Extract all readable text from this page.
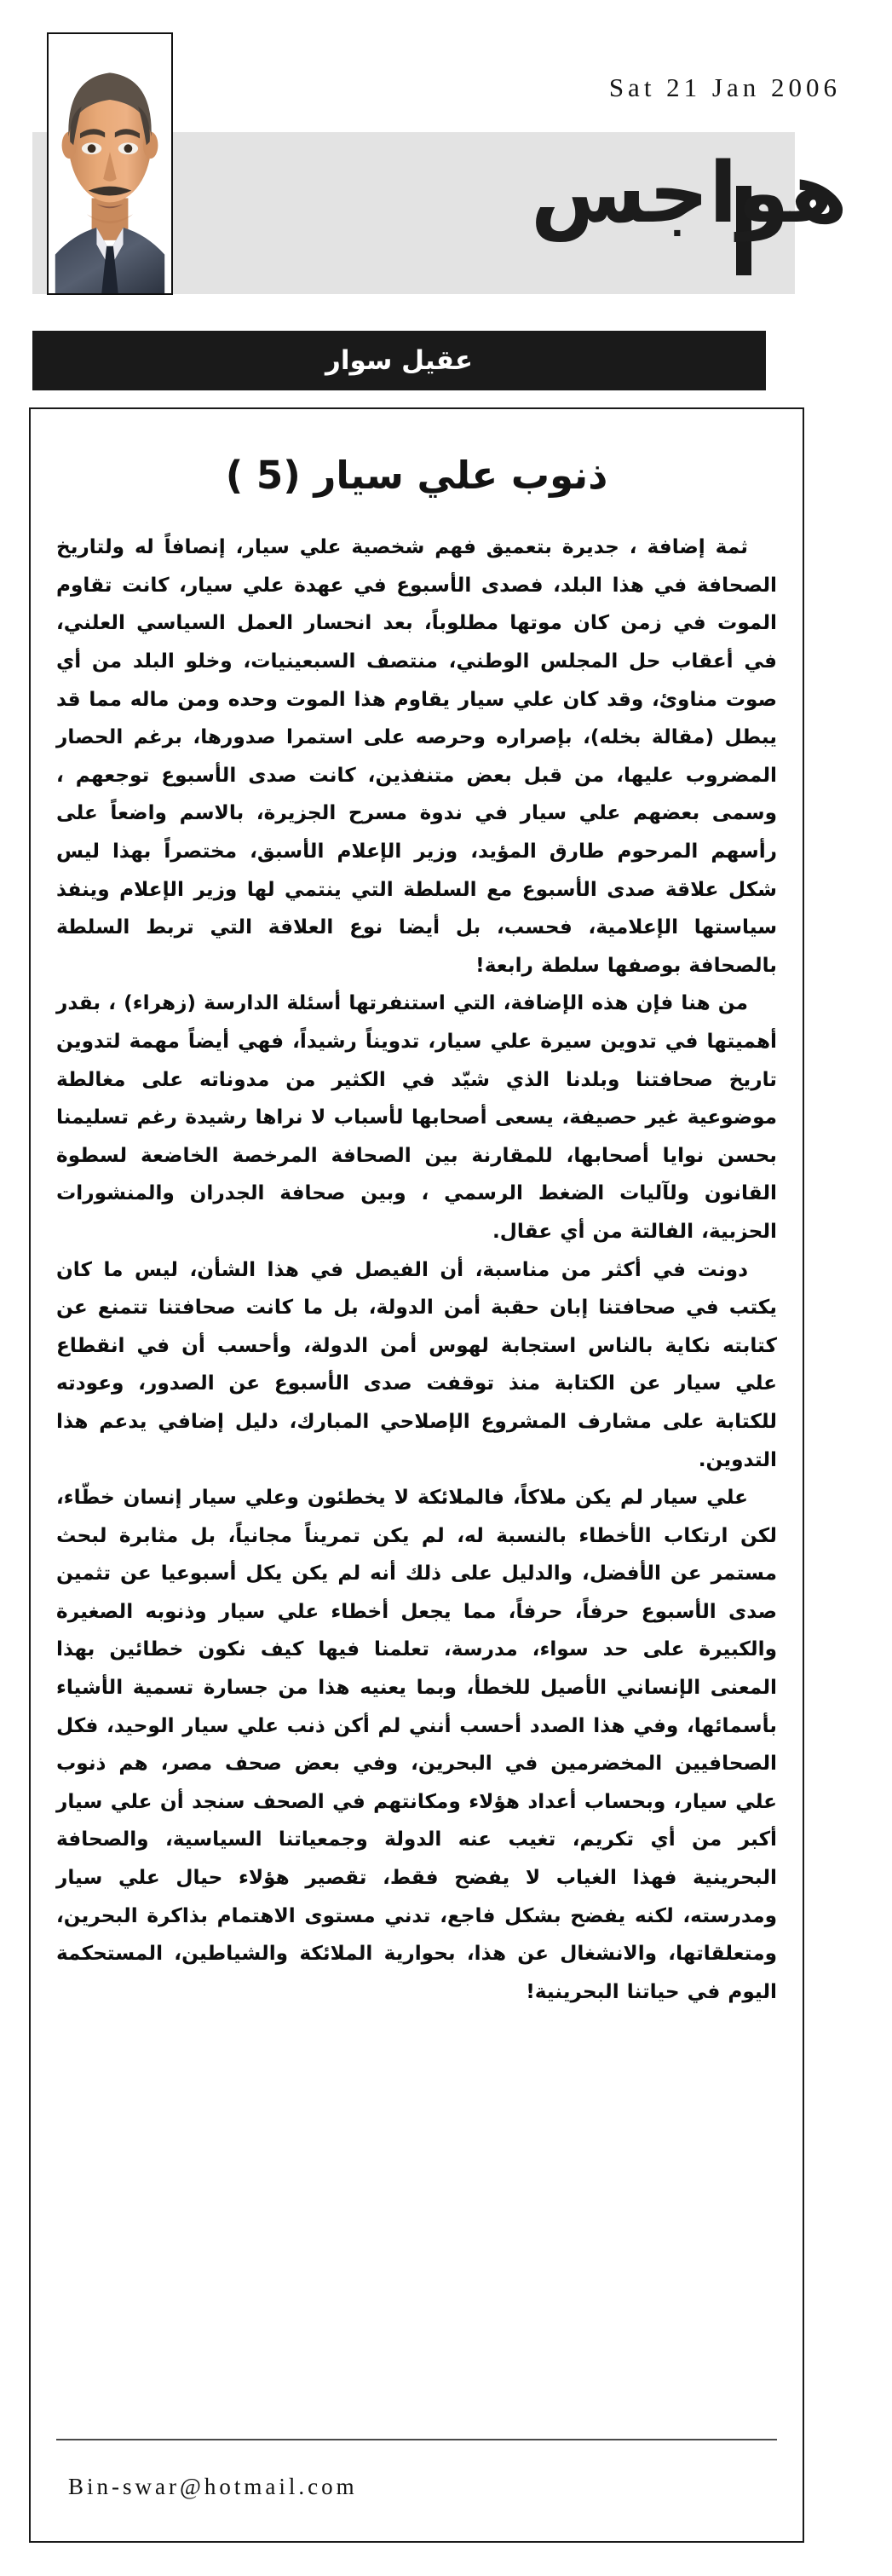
Sat 21 Jan 2006
هواجس
عقيل سوار
ذنوب علي سيار (5 )

ثمة إضافة ، جديرة بتعميق فهم شخصية علي سيار، إنصافاً له ولتاريخ الصحافة في هذا البلد، فصدى الأسبوع في عهدة علي سيار، كانت تقاوم الموت في زمن كان موتها مطلوباً، بعد انحسار العمل السياسي العلني، في أعقاب حل المجلس الوطني، منتصف السبعينيات، وخلو البلد من أي صوت مناوئ، وقد كان علي سيار يقاوم هذا الموت وحده ومن ماله مما قد يبطل (مقالة بخله)، بإصراره وحرصه على استمرا صدورها، برغم الحصار المضروب عليها، من قبل بعض متنفذين، كانت صدى الأسبوع توجعهم ، وسمى بعضهم علي سيار في ندوة مسرح الجزيرة، بالاسم واضعاً على رأسهم المرحوم طارق المؤيد، وزير الإعلام الأسبق، مختصراً بهذا ليس شكل علاقة صدى الأسبوع مع السلطة التي ينتمي لها وزير الإعلام وينفذ سياستها الإعلامية، فحسب، بل أيضا نوع العلاقة التي تربط السلطة بالصحافة بوصفها سلطة رابعة!

من هنا فإن هذه الإضافة، التي استنفرتها أسئلة الدارسة (زهراء) ، بقدر أهميتها في تدوين سيرة علي سيار، تدويناً رشيداً، فهي أيضاً مهمة لتدوين تاريخ صحافتنا وبلدنا الذي شيّد في الكثير من مدوناته على مغالطة موضوعية غير حصيفة، يسعى أصحابها لأسباب لا نراها رشيدة رغم تسليمنا بحسن نوايا أصحابها، للمقارنة بين الصحافة المرخصة الخاضعة لسطوة القانون ولآليات الضغط الرسمي ، وبين صحافة الجدران والمنشورات الحزبية، الفالتة من أي عقال.

دونت في أكثر من مناسبة، أن الفيصل في هذا الشأن، ليس ما كان يكتب في صحافتنا إبان حقبة أمن الدولة، بل ما كانت صحافتنا تتمنع عن كتابته نكاية بالناس استجابة لهوس أمن الدولة، وأحسب أن في انقطاع علي سيار عن الكتابة منذ توقفت صدى الأسبوع عن الصدور، وعودته للكتابة على مشارف المشروع الإصلاحي المبارك، دليل إضافي يدعم هذا التدوين.

علي سيار لم يكن ملاكاً، فالملائكة لا يخطئون وعلي سيار إنسان خطّاء، لكن ارتكاب الأخطاء بالنسبة له، لم يكن تمريناً مجانياً، بل مثابرة لبحث مستمر عن الأفضل، والدليل على ذلك أنه لم يكن يكل أسبوعيا عن تثمين صدى الأسبوع حرفاً، حرفاً، مما يجعل أخطاء علي سيار وذنوبه الصغيرة والكبيرة على حد سواء، مدرسة، تعلمنا فيها كيف نكون خطائين بهذا المعنى الإنساني الأصيل للخطأ، وبما يعنيه هذا من جسارة تسمية الأشياء بأسمائها، وفي هذا الصدد أحسب أنني لم أكن ذنب علي سيار الوحيد، فكل الصحافيين المخضرمين في البحرين، وفي بعض صحف مصر، هم ذنوب علي سيار، وبحساب أعداد هؤلاء ومكانتهم في الصحف سنجد أن علي سيار أكبر من أي تكريم، تغيب عنه الدولة وجمعياتنا السياسية، والصحافة البحرينية فهذا الغياب لا يفضح فقط، تقصير هؤلاء حيال علي سيار ومدرسته، لكنه يفضح بشكل فاجع، تدني مستوى الاهتمام بذاكرة البحرين، ومتعلقاتها، والانشغال عن هذا، بحوارية الملائكة والشياطين، المستحكمة اليوم في حياتنا البحرينية!

Bin-swar@hotmail.com
